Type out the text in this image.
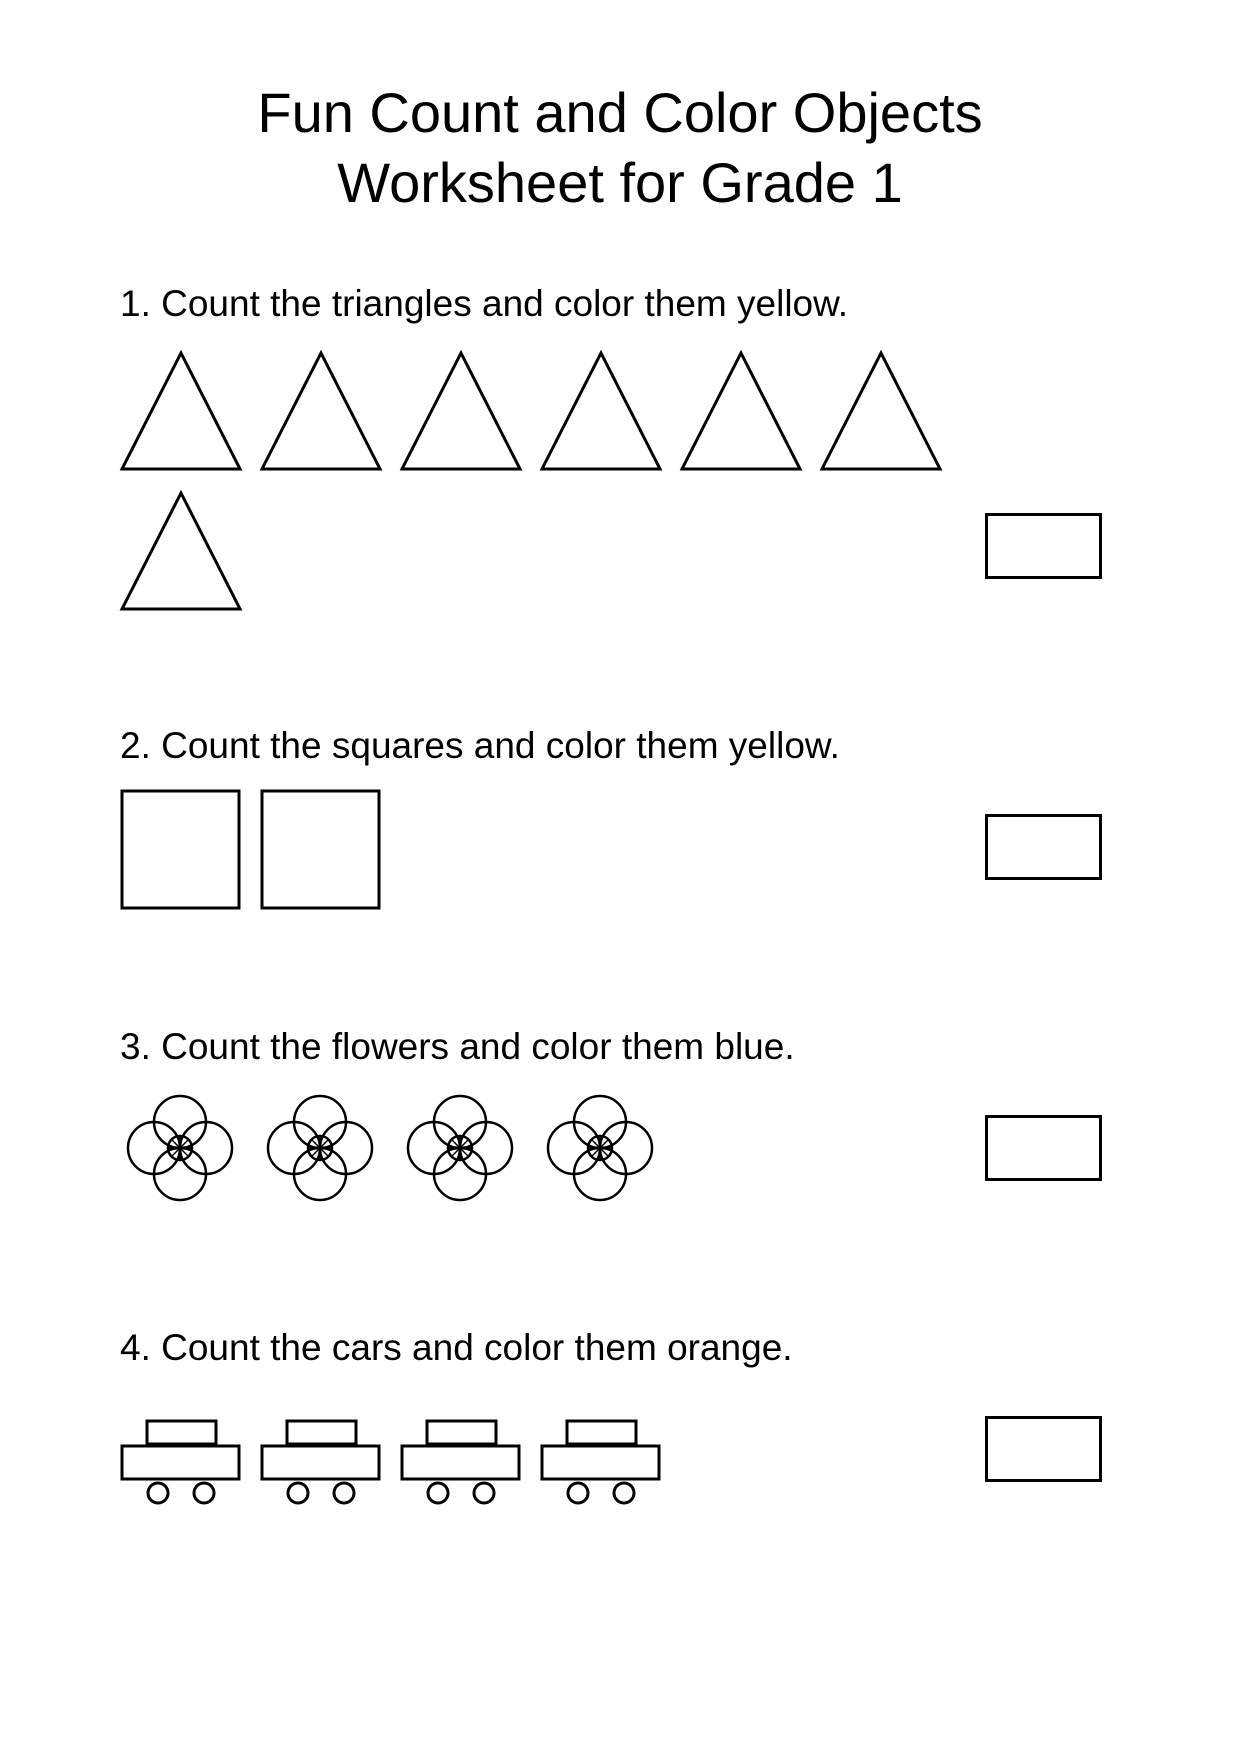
Fun Count and Color Objects
Worksheet for Grade 1
1. Count the triangles and color them yellow.
2. Count the squares and color them yellow.
3. Count the flowers and color them blue.
4. Count the cars and color them orange.
